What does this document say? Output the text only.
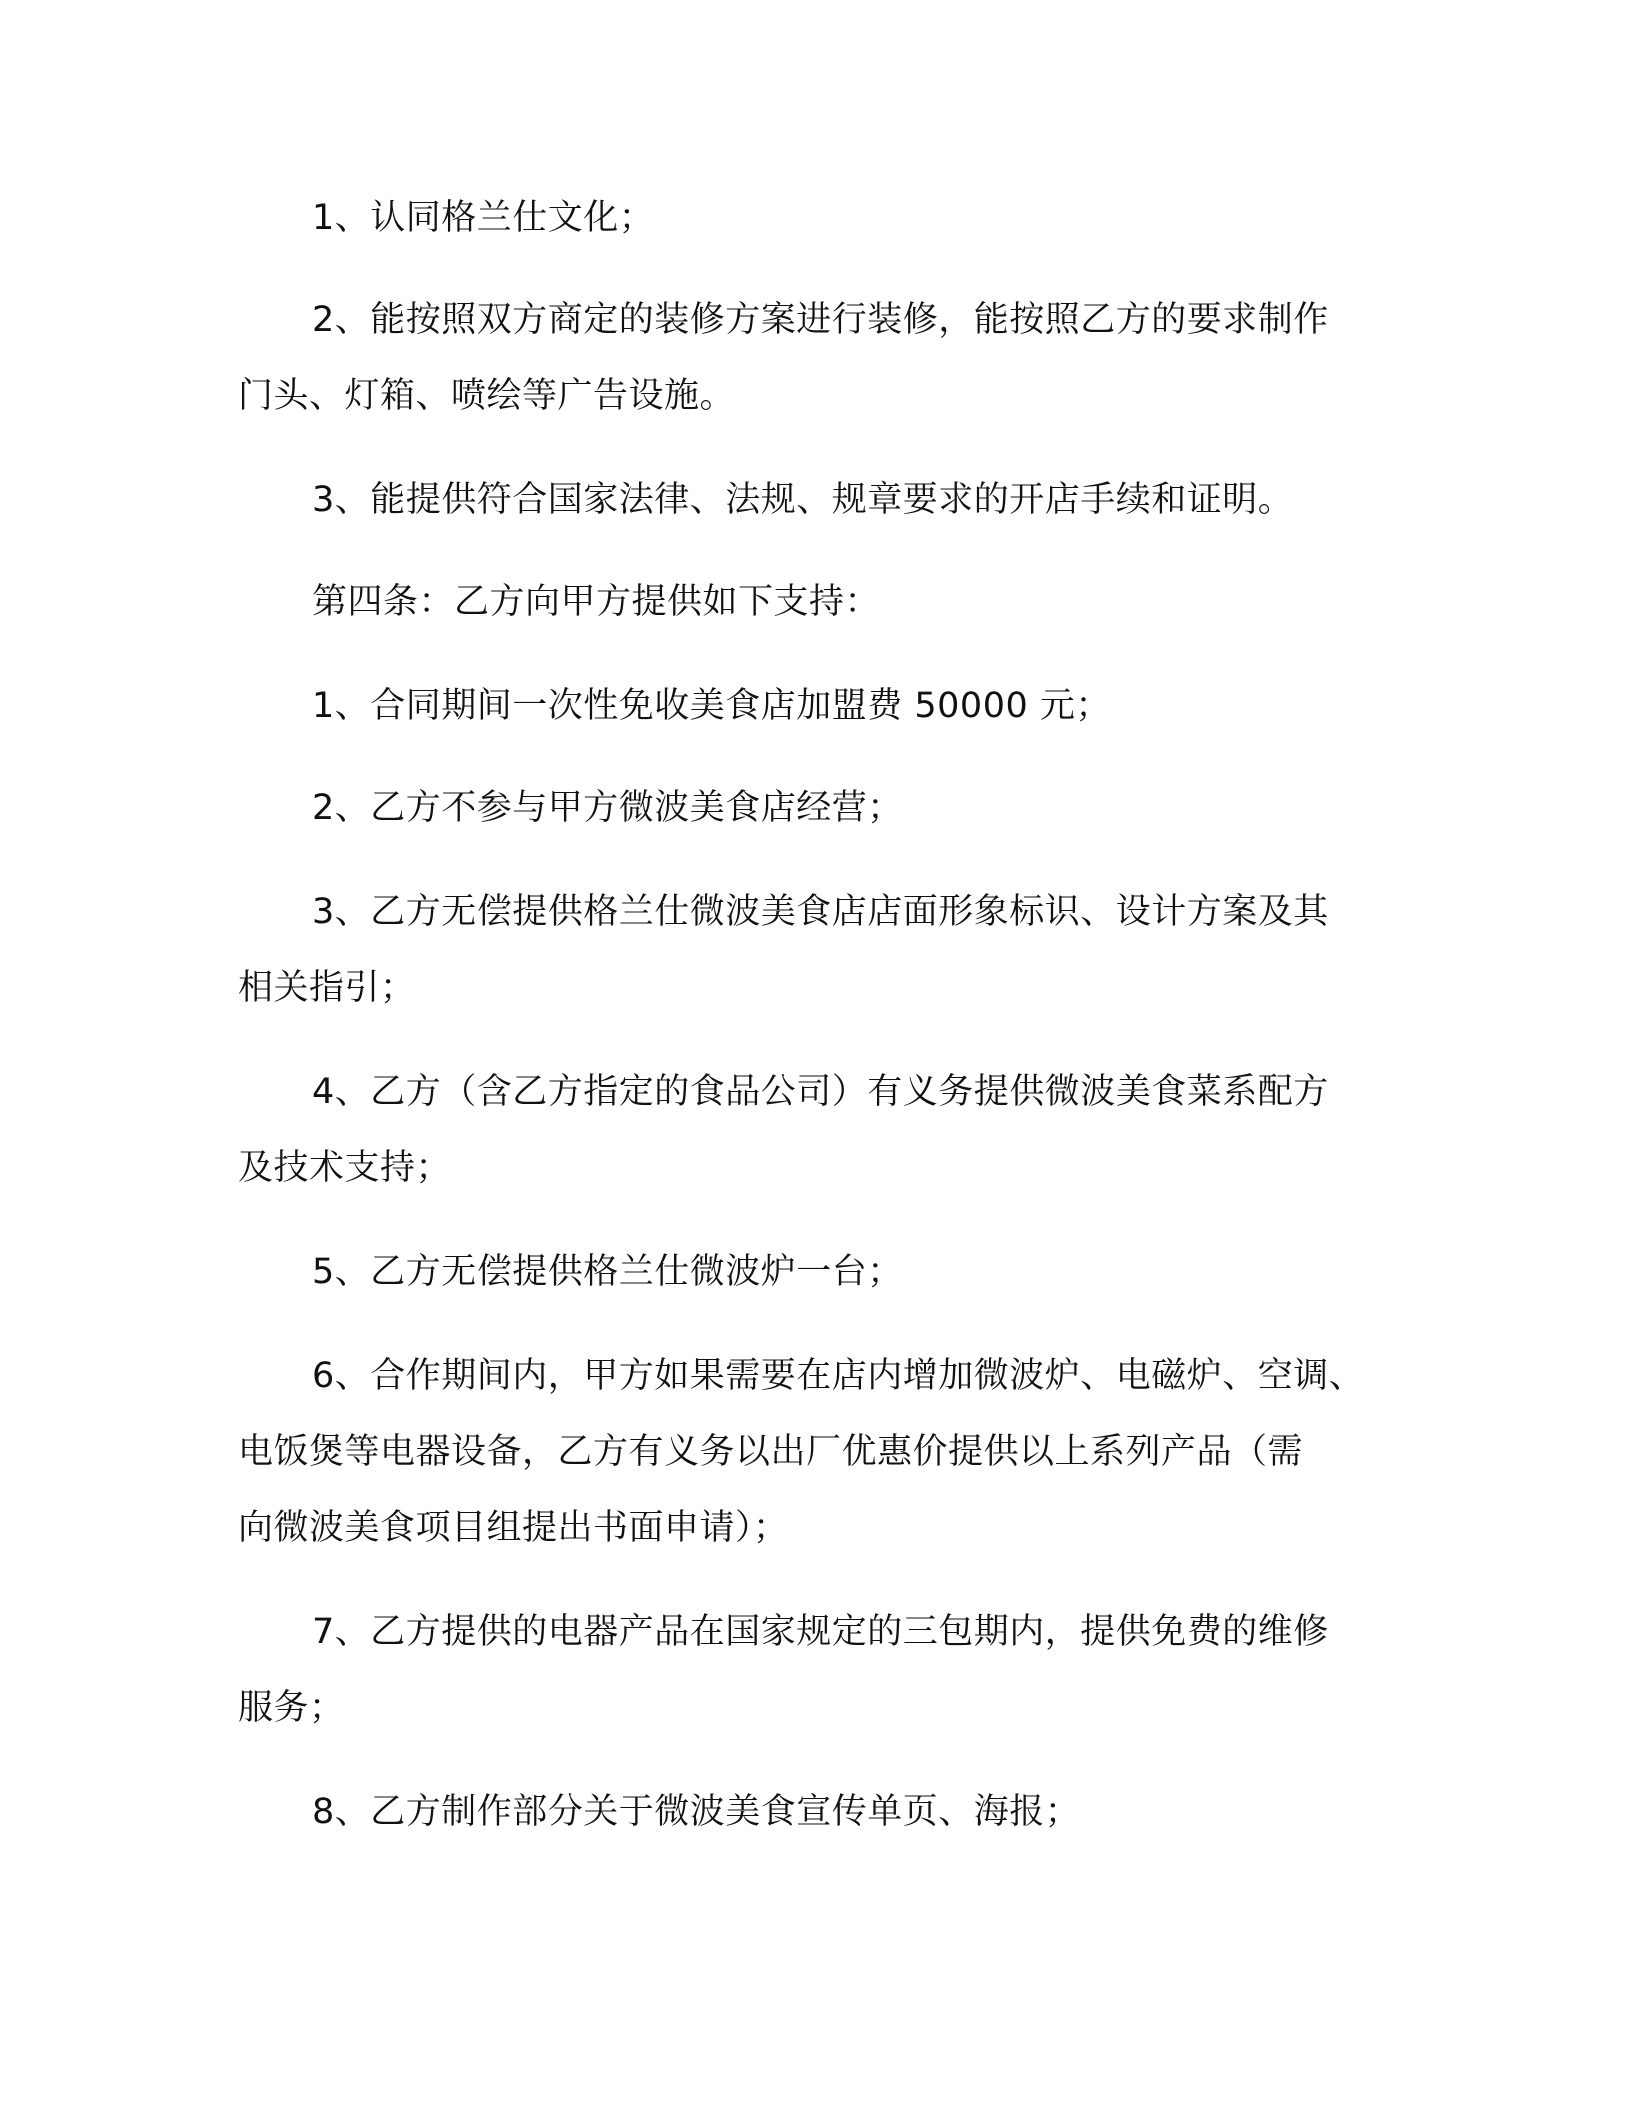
1、认同格兰仕文化；
2、能按照双方商定的装修方案进行装修，能按照乙方的要求制作
门头、灯箱、喷绘等广告设施。
3、能提供符合国家法律、法规、规章要求的开店手续和证明。
第四条：乙方向甲方提供如下支持：
1、合同期间一次性免收美食店加盟费 50000 元；
2、乙方不参与甲方微波美食店经营；
3、乙方无偿提供格兰仕微波美食店店面形象标识、设计方案及其
相关指引；
4、乙方（含乙方指定的食品公司）有义务提供微波美食菜系配方
及技术支持；
5、乙方无偿提供格兰仕微波炉一台；
6、合作期间内，甲方如果需要在店内增加微波炉、电磁炉、空调、
电饭煲等电器设备，乙方有义务以出厂优惠价提供以上系列产品（需
向微波美食项目组提出书面申请）；
7、乙方提供的电器产品在国家规定的三包期内，提供免费的维修
服务；
8、乙方制作部分关于微波美食宣传单页、海报；
